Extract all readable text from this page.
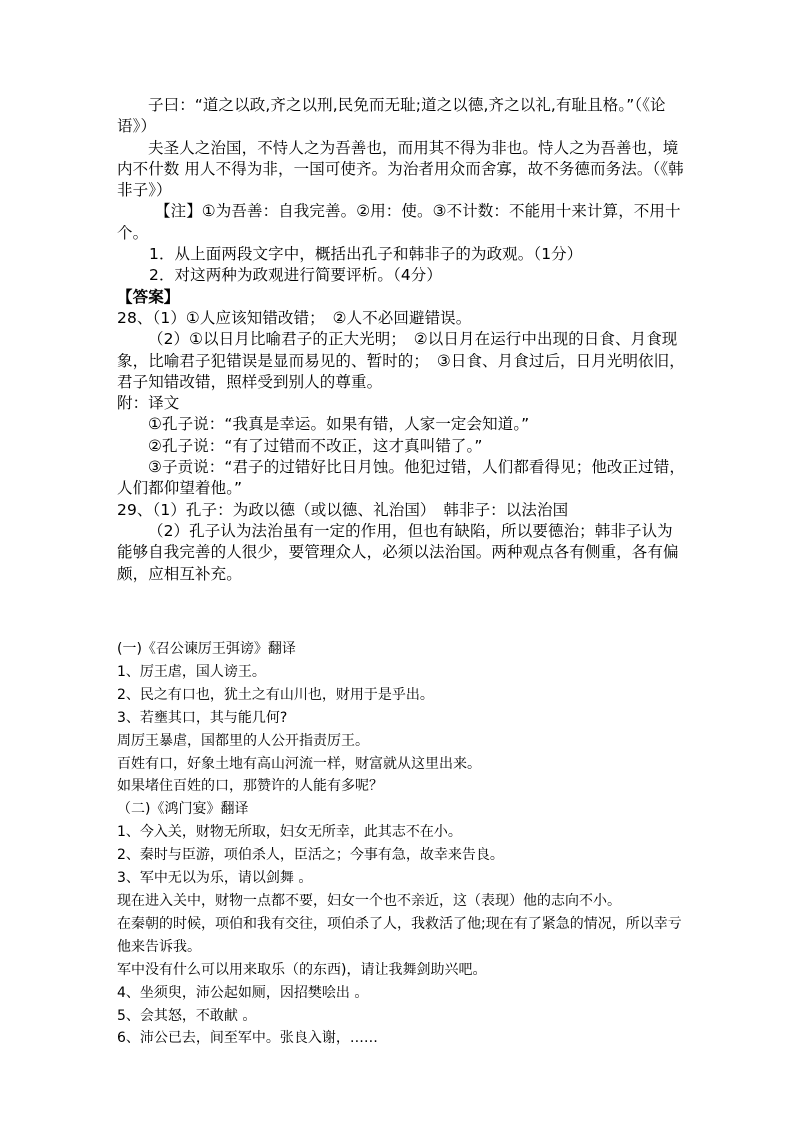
子曰：“道之以政,齐之以刑,民免而无耻;道之以德,齐之以礼,有耻且格。”（《论语》）

夫圣人之治国，不恃人之为吾善也，而用其不得为非也。恃人之为吾善也，境内不什数 用人不得为非，一国可使齐。为治者用众而舍寡，故不务德而务法。（《韩非子》）

【注】①为吾善：自我完善。②用：使。③不计数：不能用十来计算，不用十个。

1．从上面两段文字中，概括出孔子和韩非子的为政观。（1分）

2．对这两种为政观进行简要评析。（4分）

【答案】

28、（1）①人应该知错改错；　②人不必回避错误。

（2）①以日月比喻君子的正大光明；　②以日月在运行中出现的日食、月食现象，比喻君子犯错误是显而易见的、暂时的；　③日食、月食过后，日月光明依旧，君子知错改错，照样受到别人的尊重。

附：译文

①孔子说：“我真是幸运。如果有错，人家一定会知道。”

②孔子说：“有了过错而不改正，这才真叫错了。”

③子贡说：“君子的过错好比日月蚀。他犯过错，人们都看得见；他改正过错，人们都仰望着他。”

29、（1）孔子：为政以德（或以德、礼治国）　韩非子：以法治国

（2）孔子认为法治虽有一定的作用，但也有缺陷，所以要德治；韩非子认为能够自我完善的人很少，要管理众人，必须以法治国。两种观点各有侧重，各有偏颇，应相互补充。

(一)《召公谏厉王弭谤》翻译

1、厉王虐，国人谤王。

2、民之有口也，犹土之有山川也，财用于是乎出。

3、若壅其口，其与能几何?

周厉王暴虐，国都里的人公开指责厉王。

百姓有口，好象土地有高山河流一样，财富就从这里出来。

如果堵住百姓的口，那赞许的人能有多呢？

（二)《鸿门宴》翻译

1、今入关，财物无所取，妇女无所幸，此其志不在小。

2、秦时与臣游，项伯杀人，臣活之；今事有急，故幸来告良。

3、军中无以为乐，请以剑舞 。

现在进入关中，财物一点都不要，妇女一个也不亲近，这（表现）他的志向不小。

在秦朝的时候，项伯和我有交往，项伯杀了人，我救活了他;现在有了紧急的情况，所以幸亏他来告诉我。

军中没有什么可以用来取乐（的东西)，请让我舞剑助兴吧。

4、坐须臾，沛公起如厕，因招樊哙出 。

5、会其怒，不敢献 。

6、沛公已去，间至军中。张良入谢，……
